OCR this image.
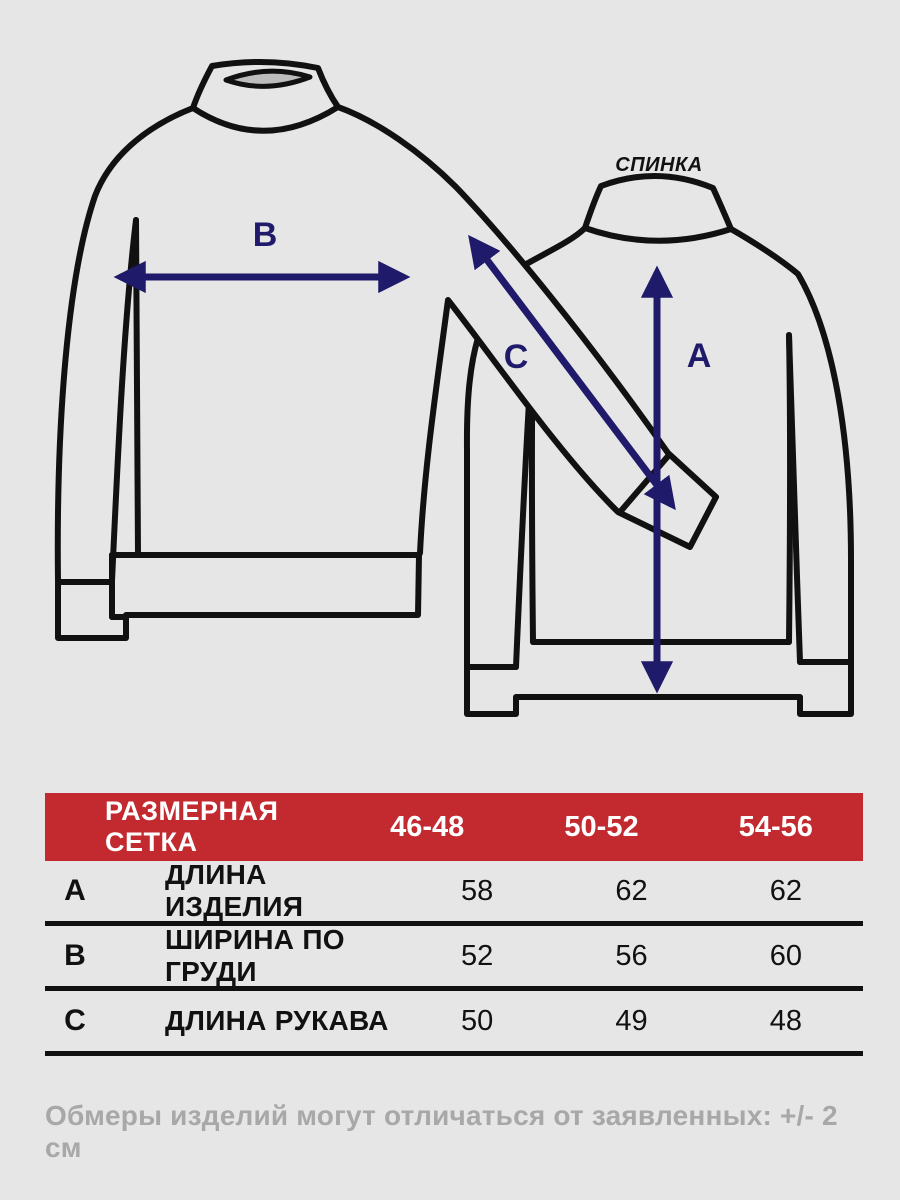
СПИНКА
B
C	A
РАЗМЕРНАЯ СЕТКА	46-48	50-52	54-56
A	ДЛИНА ИЗДЕЛИЯ	58	62	62
B	ШИРИНА ПО ГРУДИ	52	56	60
C	ДЛИНА РУКАВА	50	49	48
Обмеры изделий могут отличаться от заявленных: +/- 2 см
